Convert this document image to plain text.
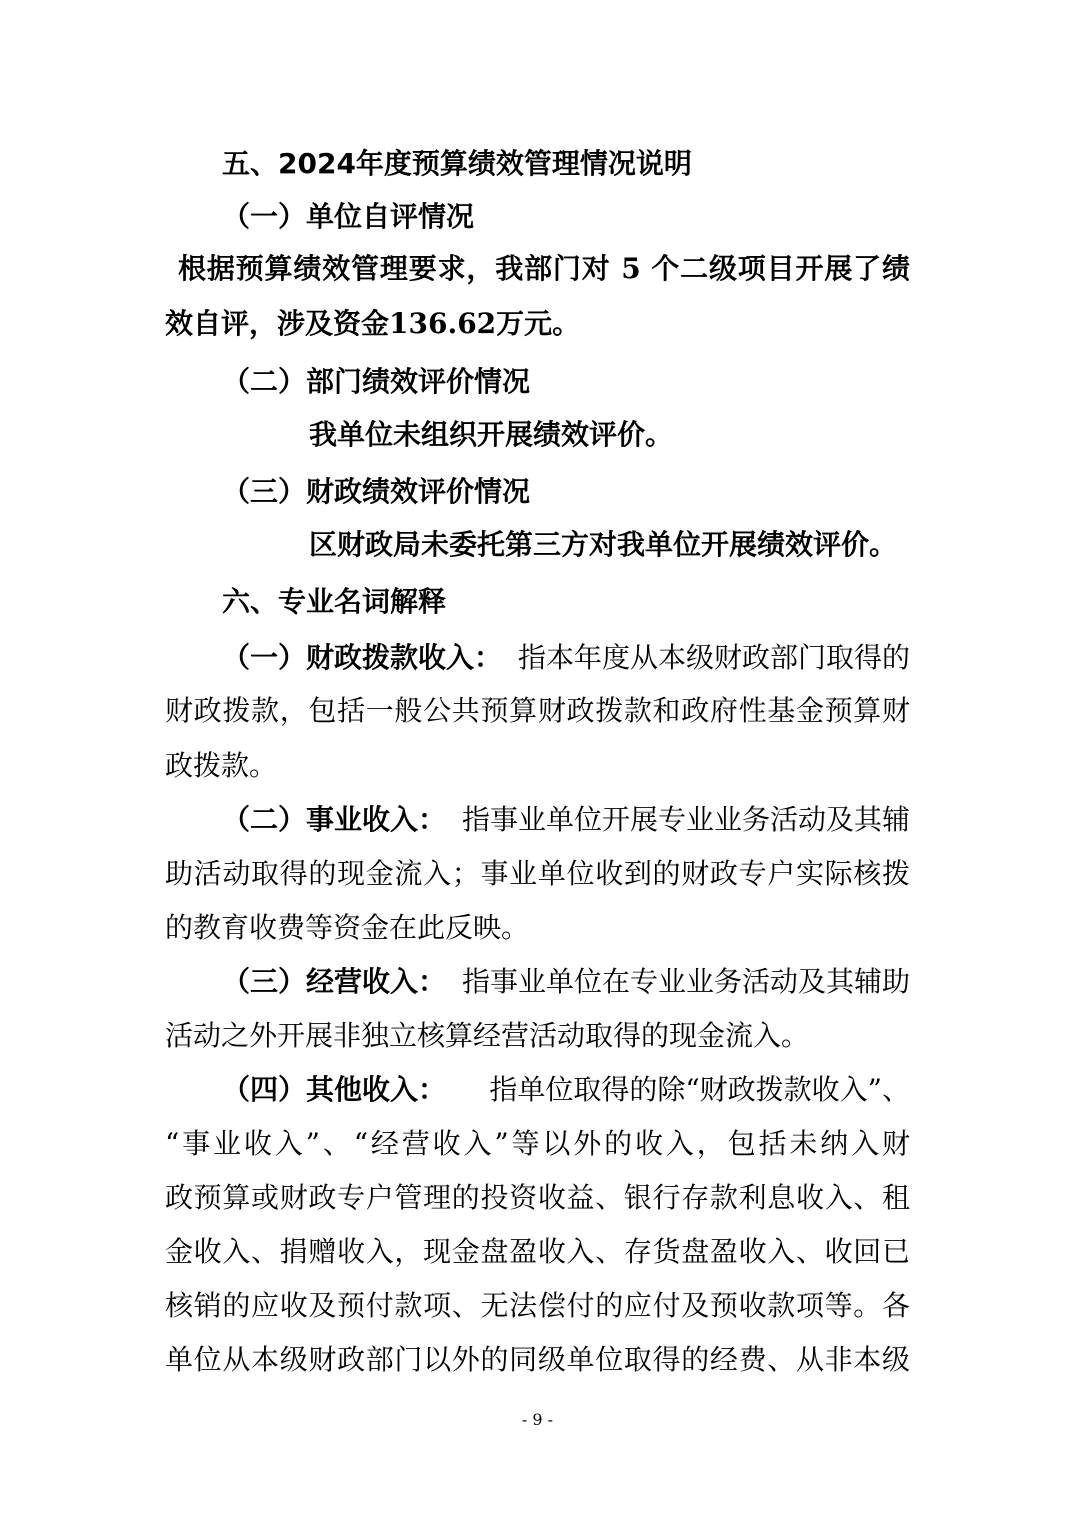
五、2024年度预算绩效管理情况说明
（一）单位自评情况
根据预算绩效管理要求，我部门对 5 个二级项目开展了绩
效自评，涉及资金136.62万元。
（二）部门绩效评价情况
我单位未组织开展绩效评价。
（三）财政绩效评价情况
区财政局未委托第三方对我单位开展绩效评价。
六、专业名词解释
（一）财政拨款收入： 指本年度从本级财政部门取得的
财政拨款，包括一般公共预算财政拨款和政府性基金预算财
政拨款。
（二）事业收入： 指事业单位开展专业业务活动及其辅
助活动取得的现金流入；事业单位收到的财政专户实际核拨
的教育收费等资金在此反映。
（三）经营收入： 指事业单位在专业业务活动及其辅助
活动之外开展非独立核算经营活动取得的现金流入。
（四）其他收入： 指单位取得的除“财政拨款收入”、
“事业收入”、“经营收入”等以外的收入，包括未纳入财
政预算或财政专户管理的投资收益、银行存款利息收入、租
金收入、捐赠收入，现金盘盈收入、存货盘盈收入、收回已
核销的应收及预付款项、无法偿付的应付及预收款项等。各
单位从本级财政部门以外的同级单位取得的经费、从非本级
- 9 -
